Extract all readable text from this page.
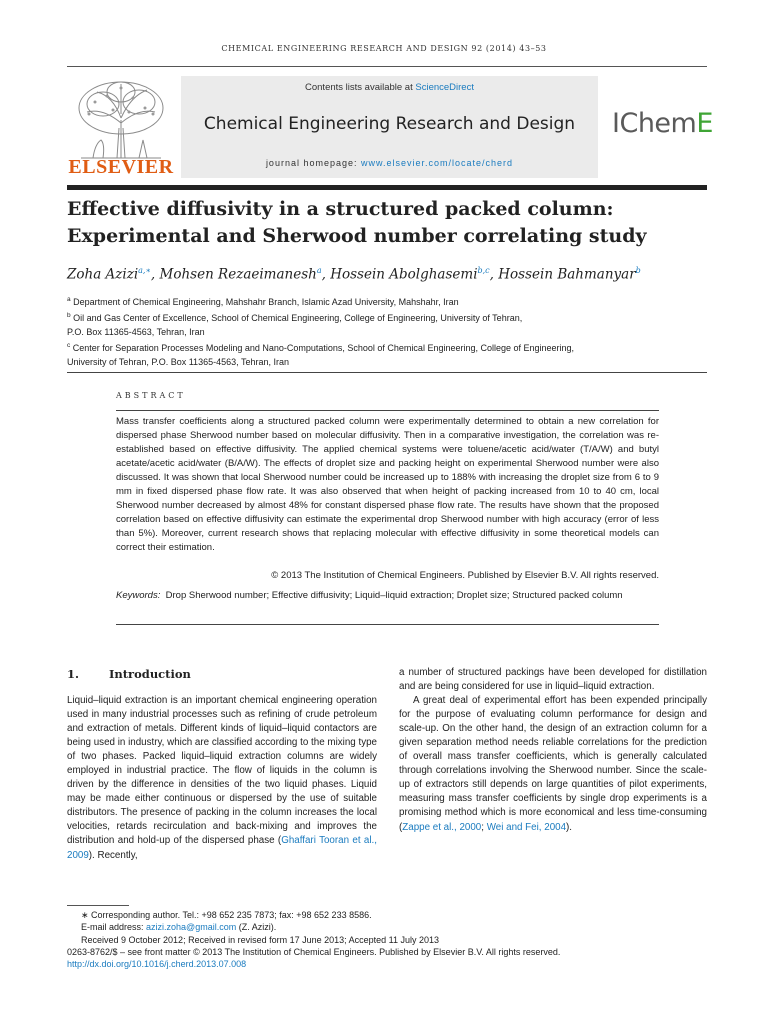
CHEMICAL ENGINEERING RESEARCH AND DESIGN 92 (2014) 43–53
ELSEVIER
Contents lists available at ScienceDirect
Chemical Engineering Research and Design
journal homepage: www.elsevier.com/locate/cherd
IChemE
Effective diffusivity in a structured packed column:
Experimental and Sherwood number correlating study
Zoha Azizi$^{a,∗}$, Mohsen Rezaeimanesh$^a$, Hossein Abolghasemi$^{b,c}$, Hossein Bahmanyar$^b$

$^a$ Department of Chemical Engineering, Mahshahr Branch, Islamic Azad University, Mahshahr, Iran

$^b$ Oil and Gas Center of Excellence, School of Chemical Engineering, College of Engineering, University of Tehran,

P.O. Box 11365-4563, Tehran, Iran

$^c$ Center for Separation Processes Modeling and Nano-Computations, School of Chemical Engineering, College of Engineering,

University of Tehran, P.O. Box 11365-4563, Tehran, Iran

ABSTRACT
Mass transfer coefficients along a structured packed column were experimentally determined to obtain a new correlation for dispersed phase Sherwood number based on molecular diffusivity. Then in a comparative investigation, the correlation was re-established based on effective diffusivity. The applied chemical systems were toluene/acetic acid/water (T/A/W) and butyl acetate/acetic acid/water (B/A/W). The effects of droplet size and packing height on experimental Sherwood number were also discussed. It was shown that local Sherwood number could be increased up to 188% with increasing the droplet size from 6 to 9 mm in fixed dispersed phase flow rate. It was also observed that when height of packing increased from 10 to 40 cm, local Sherwood number decreased by almost 48% for constant dispersed phase flow rate. The results have shown that the proposed correlation based on effective diffusivity can estimate the experimental drop Sherwood number with high accuracy (error of less than 5%). Moreover, current research shows that replacing molecular with effective diffusivity in some theoretical models can correct their estimation.
© 2013 The Institution of Chemical Engineers. Published by Elsevier B.V. All rights reserved.
Keywords: Drop Sherwood number; Effective diffusivity; Liquid–liquid extraction; Droplet size; Structured packed column
1.	Introduction

Liquid–liquid extraction is an important chemical engineering operation used in many industrial processes such as refining of crude petroleum and extraction of metals. Different kinds of liquid–liquid contactors are being used in industry, which are classified according to the mixing type of two phases. Packed liquid–liquid extraction columns are widely employed in industrial practice. The flow of liquids in the column is driven by the difference in densities of the two liquid phases. Liquid may be made either continuous or dispersed by the use of suitable distributors. The presence of packing in the column increases the local velocities, retards recirculation and back-mixing and improves the distribution and hold-up of the dispersed phase (Ghaffari Tooran et al., 2009). Recently,

a number of structured packings have been developed for distillation and are being considered for use in liquid–liquid extraction.

A great deal of experimental effort has been expended principally for the purpose of evaluating column performance for design and scale-up. On the other hand, the design of an extraction column for a given separation method needs reliable correlations for the prediction of overall mass transfer coefficients, which is generally calculated through correlations involving the Sherwood number. Since the scale-up of extractors still depends on large quantities of pilot experiments, measuring mass transfer coefficients by single drop experiments is a promising method which is more economical and less time-consuming (Zappe et al., 2000; Wei and Fei, 2004).

∗ Corresponding author. Tel.: +98 652 235 7873; fax: +98 652 233 8586.

E-mail address: azizi.zoha@gmail.com (Z. Azizi).

Received 9 October 2012; Received in revised form 17 June 2013; Accepted 11 July 2013

0263-8762/$ – see front matter © 2013 The Institution of Chemical Engineers. Published by Elsevier B.V. All rights reserved.

http://dx.doi.org/10.1016/j.cherd.2013.07.008
